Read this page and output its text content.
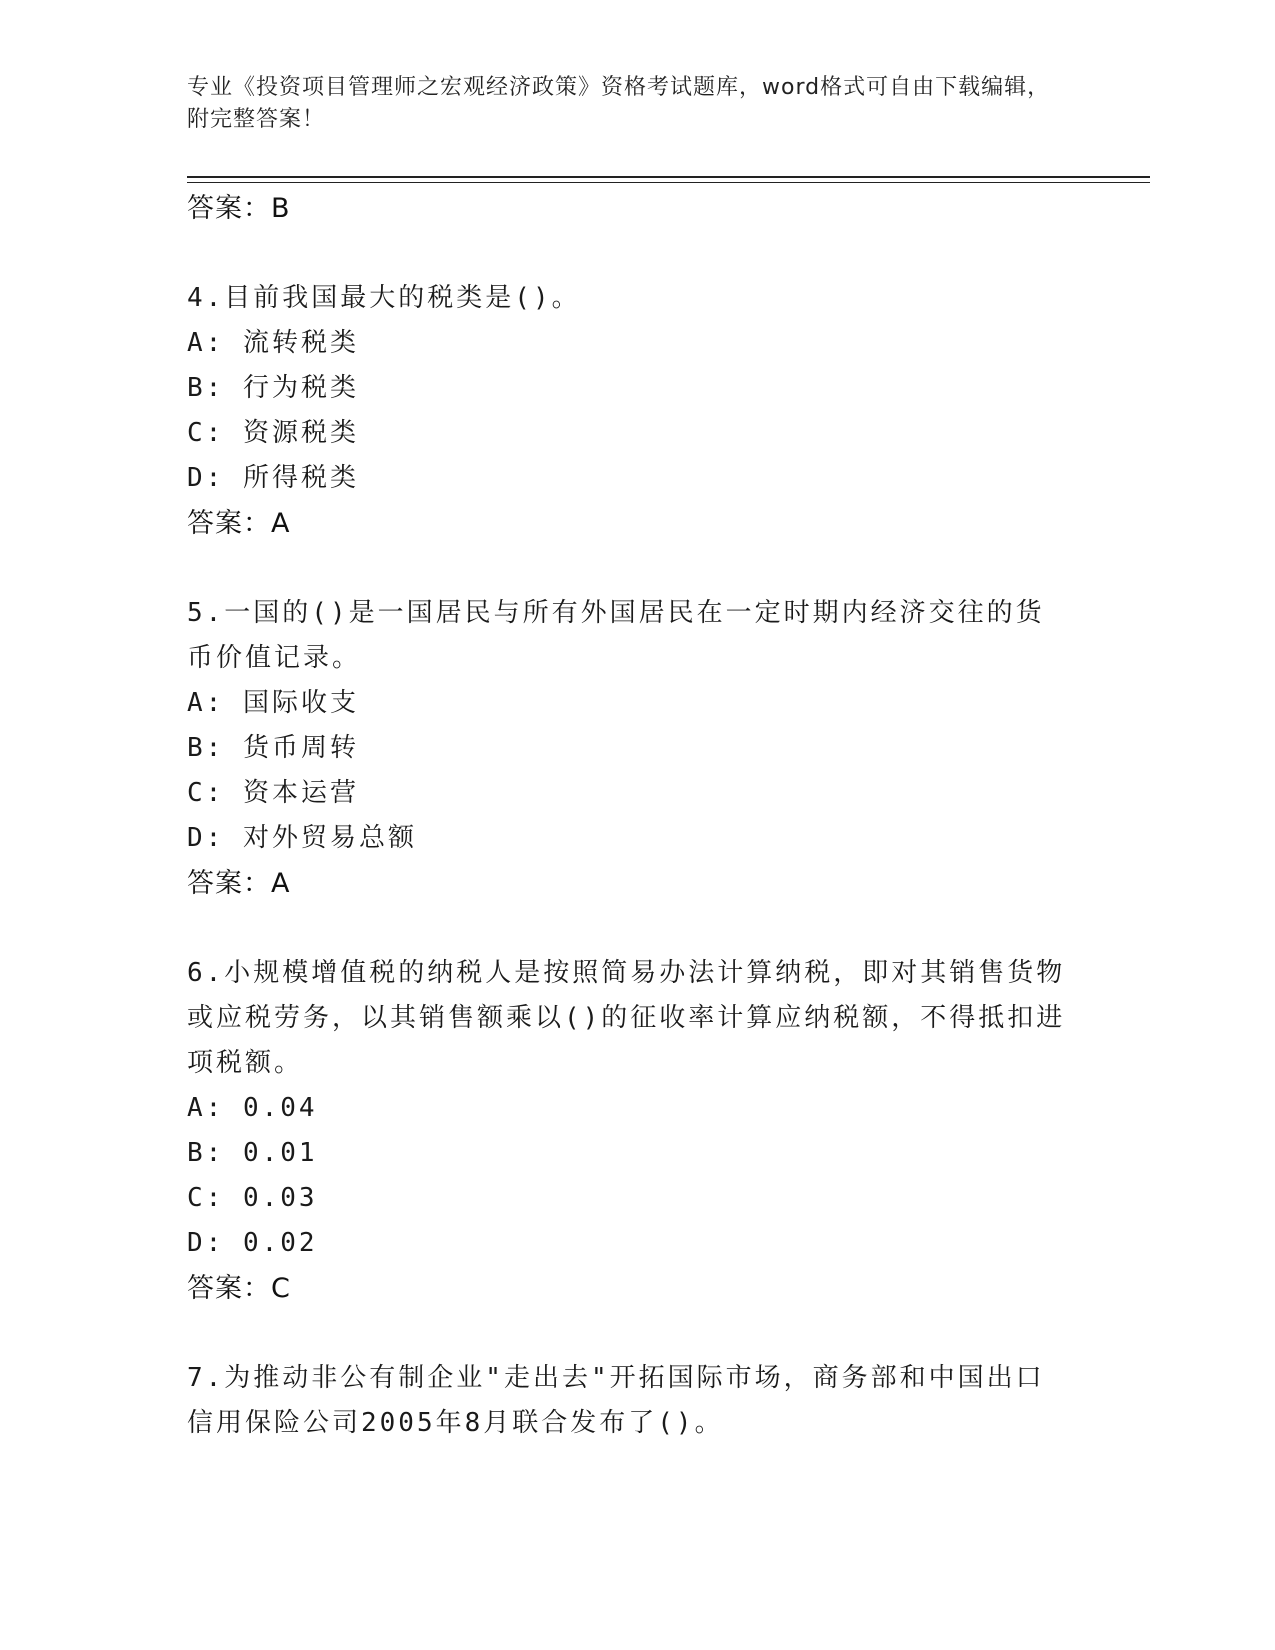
专业《投资项目管理师之宏观经济政策》资格考试题库，word格式可自由下载编辑，附完整答案！
答案：B
4.目前我国最大的税类是()。
A: 流转税类
B: 行为税类
C: 资源税类
D: 所得税类
答案：A
5.一国的()是一国居民与所有外国居民在一定时期内经济交往的货币价值记录。
A: 国际收支
B: 货币周转
C: 资本运营
D: 对外贸易总额
答案：A
6.小规模增值税的纳税人是按照简易办法计算纳税，即对其销售货物或应税劳务，以其销售额乘以()的征收率计算应纳税额，不得抵扣进项税额。
A: 0.04
B: 0.01
C: 0.03
D: 0.02
答案：C
7.为推动非公有制企业"走出去"开拓国际市场，商务部和中国出口信用保险公司2005年8月联合发布了()。
